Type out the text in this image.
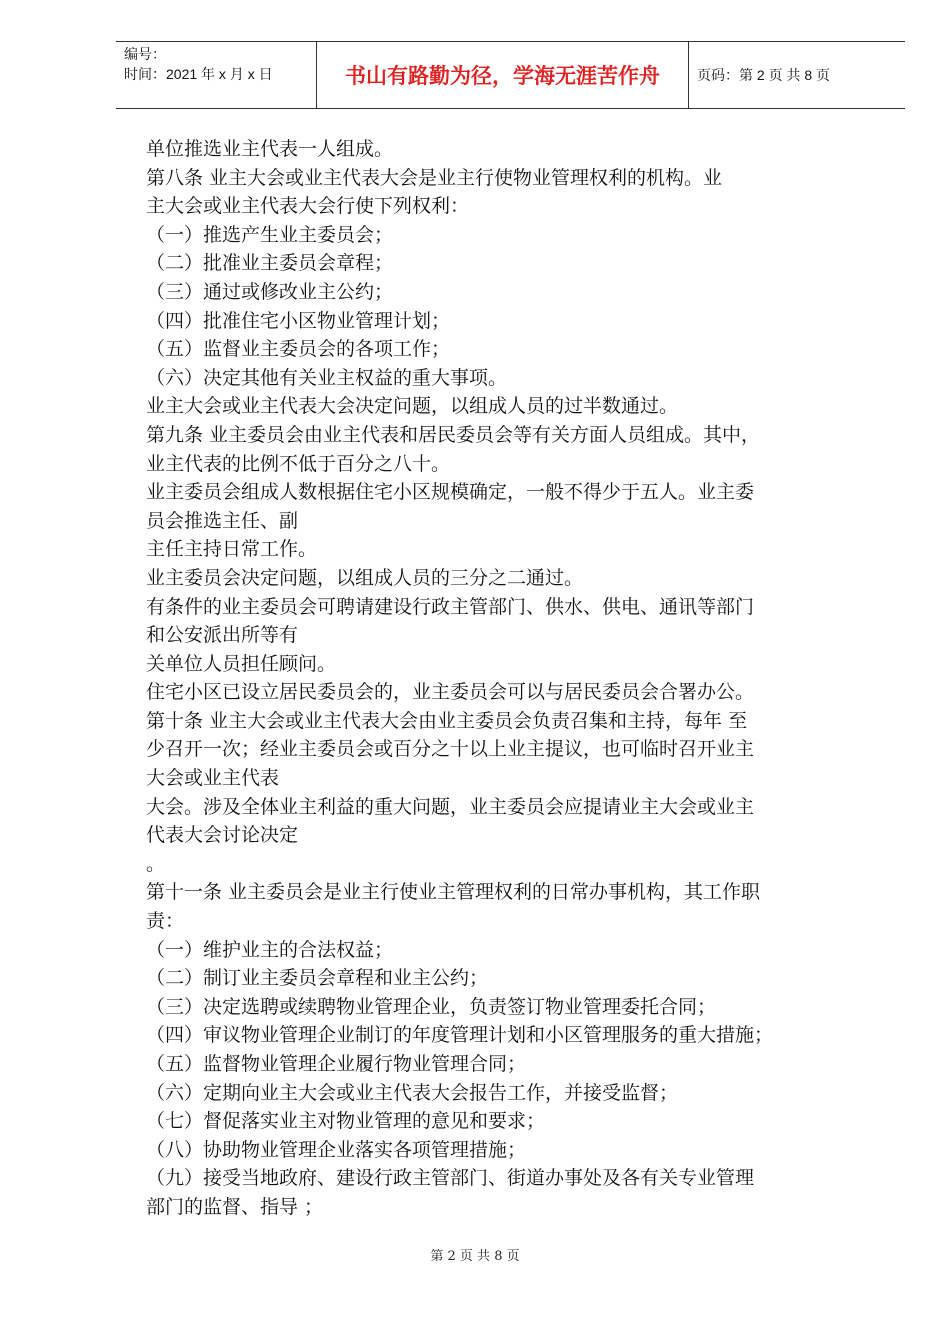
编号：
时间：2021 年 x 月 x 日	书山有路勤为径，学海无涯苦作舟	页码：第 2 页 共 8 页

单位推选业主代表一人组成。

第八条 业主大会或业主代表大会是业主行使物业管理权利的机构。业

主大会或业主代表大会行使下列权利：

（一）推选产生业主委员会；

（二）批准业主委员会章程；

（三）通过或修改业主公约；

（四）批准住宅小区物业管理计划；

（五）监督业主委员会的各项工作；

（六）决定其他有关业主权益的重大事项。

业主大会或业主代表大会决定问题，以组成人员的过半数通过。

第九条 业主委员会由业主代表和居民委员会等有关方面人员组成。其中，

业主代表的比例不低于百分之八十。

业主委员会组成人数根据住宅小区规模确定，一般不得少于五人。业主委

员会推选主任、副

主任主持日常工作。

业主委员会决定问题，以组成人员的三分之二通过。

有条件的业主委员会可聘请建设行政主管部门、供水、供电、通讯等部门

和公安派出所等有

关单位人员担任顾问。

住宅小区已设立居民委员会的，业主委员会可以与居民委员会合署办公。

第十条 业主大会或业主代表大会由业主委员会负责召集和主持，每年 至

少召开一次；经业主委员会或百分之十以上业主提议，也可临时召开业主

大会或业主代表

大会。涉及全体业主利益的重大问题，业主委员会应提请业主大会或业主

代表大会讨论决定

。

第十一条 业主委员会是业主行使业主管理权利的日常办事机构，其工作职

责：

（一）维护业主的合法权益；

（二）制订业主委员会章程和业主公约；

（三）决定选聘或续聘物业管理企业，负责签订物业管理委托合同；

（四）审议物业管理企业制订的年度管理计划和小区管理服务的重大措施；

（五）监督物业管理企业履行物业管理合同；

（六）定期向业主大会或业主代表大会报告工作，并接受监督；

（七）督促落实业主对物业管理的意见和要求；

（八）协助物业管理企业落实各项管理措施；

（九）接受当地政府、建设行政主管部门、街道办事处及各有关专业管理

部门的监督、指导 ；

第 2 页 共 8 页
